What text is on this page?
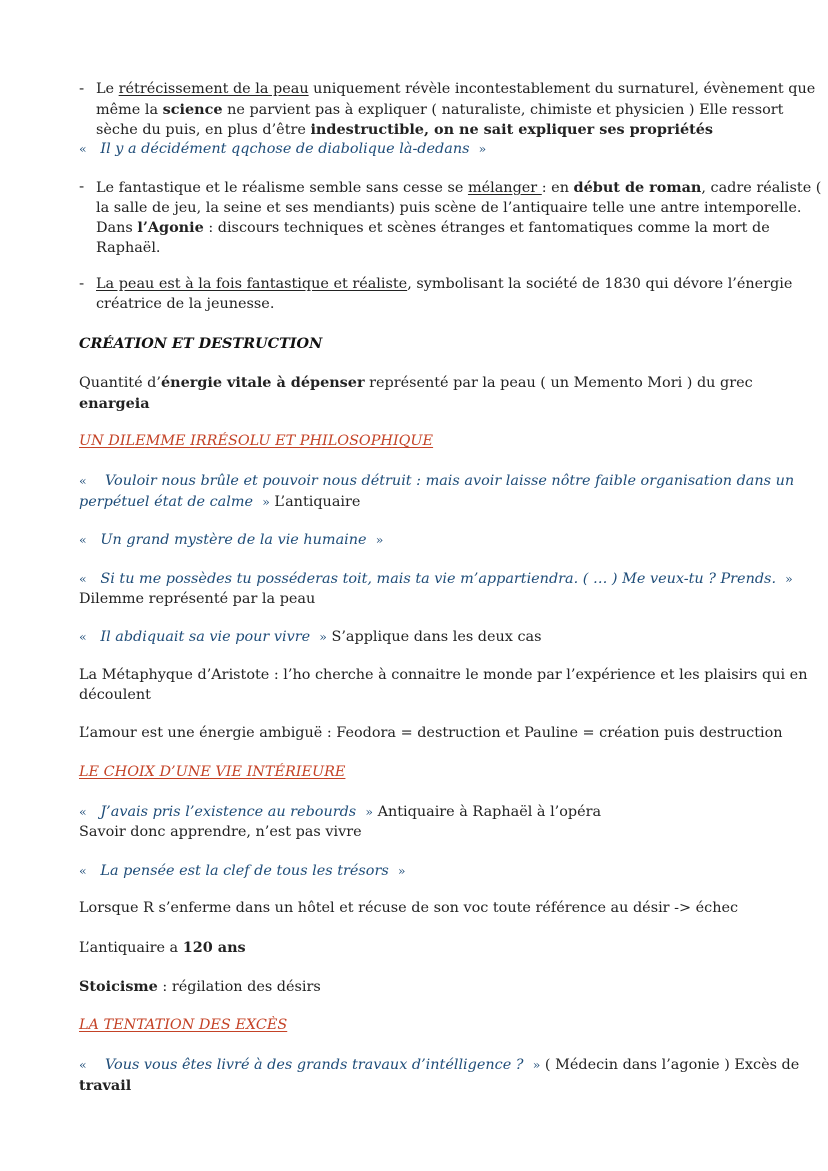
- Le rétrécissement de la peau uniquement révèle incontestablement du surnaturel, évènement que
même la science ne parvient pas à expliquer ( naturaliste, chimiste et physicien ) Elle ressort
sèche du puis, en plus d’être indestructible, on ne sait expliquer ses propriétés
« Il y a décidément qqchose de diabolique là-dedans »
- Le fantastique et le réalisme semble sans cesse se mélanger : en début de roman, cadre réaliste (
la salle de jeu, la seine et ses mendiants) puis scène de l’antiquaire telle une antre intemporelle.
Dans l’Agonie : discours techniques et scènes étranges et fantomatiques comme la mort de
Raphaël.
- La peau est à la fois fantastique et réaliste, symbolisant la société de 1830 qui dévore l’énergie
créatrice de la jeunesse.
CRÉATION ET DESTRUCTION
Quantité d’énergie vitale à dépenser représenté par la peau ( un Memento Mori ) du grec
enargeia
UN DILEMME IRRÉSOLU ET PHILOSOPHIQUE
« Vouloir nous brûle et pouvoir nous détruit : mais avoir laisse nôtre faible organisation dans un
perpétuel état de calme » L’antiquaire
« Un grand mystère de la vie humaine »
« Si tu me possèdes tu posséderas toit, mais ta vie m’appartiendra. ( … ) Me veux-tu ? Prends. »
Dilemme représenté par la peau
« Il abdiquait sa vie pour vivre » S’applique dans les deux cas
La Métaphyque d’Aristote : l’ho cherche à connaitre le monde par l’expérience et les plaisirs qui en
découlent
L’amour est une énergie ambiguë : Feodora = destruction et Pauline = création puis destruction
LE CHOIX D’UNE VIE INTÉRIEURE
« J’avais pris l’existence au rebourds » Antiquaire à Raphaël à l’opéra
Savoir donc apprendre, n’est pas vivre
« La pensée est la clef de tous les trésors »
Lorsque R s’enferme dans un hôtel et récuse de son voc toute référence au désir -> échec
L’antiquaire a 120 ans
Stoicisme : régilation des désirs
LA TENTATION DES EXCÈS
« Vous vous êtes livré à des grands travaux d’intélligence ? » ( Médecin dans l’agonie ) Excès de
travail
